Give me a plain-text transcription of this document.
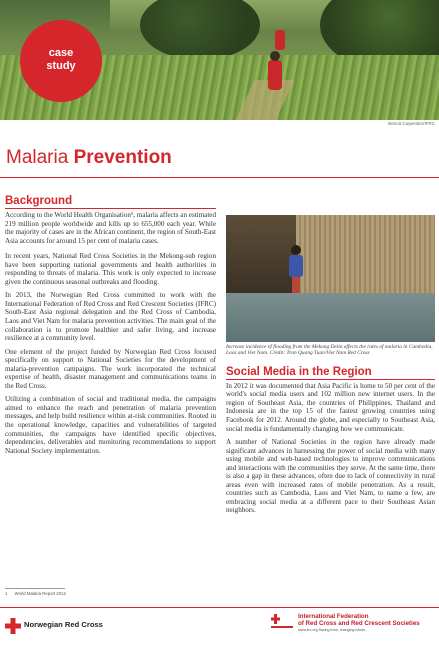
case
study
Benoit Carpentier/IFRC
Malaria Prevention
Background

According to the World Health Organisation¹, malaria affects an estimated 219 million people worldwide and kills up to 655,000 each year. While the majority of cases are in the African continent, the region of South-East Asia accounts for around 15 per cent of malaria cases.

In recent years, National Red Cross Societies in the Mekong-sub region have been supporting national governments and health authorities in responding to threats of malaria. This work is only expected to increase given the continuous seasonal outbreaks and flooding.

In 2013, the Norwegian Red Cross committed to work with the International Federation of Red Cross and Red Crescent Societies (IFRC) South-East Asia regional delegation and the Red Cross of Cambodia, Laos and Viet Nam for malaria prevention activities. The main goal of the collaboration is to promote healthier and safer living, and increase resilience at a community level.

One element of the project funded by Norwegian Red Cross focused specifically on support to National Societies for the development of malaria-prevention campaigns. The work incorporated the technical expertise of health, disaster management and communications teams in the Red Cross.

Utilizing a combination of social and traditional media, the campaigns aimed to enhance the reach and penetration of malaria prevention messages, and help build resilience within at-risk communities. Rooted in the operational knowledge, capacities and vulnerabilities of targeted communities, the campaigns have identified specific objectives, dependencies, deliverables and monitoring recommendations to support National Society implementation.

Increase incidence of flooding from the Mekong Delta affects the rates of malaria in Cambodia, Laos and Viet Nam. Credit: Tran Quang Tuan/Viet Nam Red Cross
Social Media in the Region

In 2012 it was documented that Asia Pacific is home to 50 per cent of the world's social media users and 102 million new internet users. In the region of Southeast Asia, the countries of Philippines, Thailand and Indonesia are in the top 15 of the fastest growing countries using Facebook for 2012. Around the globe, and especially to Southeast Asia, social media is fundamentally changing how we communicate.

A number of National Societies in the region have already made significant advances in harnessing the power of social media with many using mobile and web-based technologies to improve communications and interactions with the communities they serve. At the same time, there is also a gap in these advances, often due to lack of connectivity in rural areas even with increased rates of mobile penetration. As a result, countries such as Cambodia, Laos and Viet Nam, to name a few, are embracing social media at a different pace to their Southeast Asian neighbors.

1 World Malaria Report 2012
Norwegian Red Cross
International Federation
of Red Cross and Red Crescent Societies
www.ifrc.org Saving lives, changing minds.
